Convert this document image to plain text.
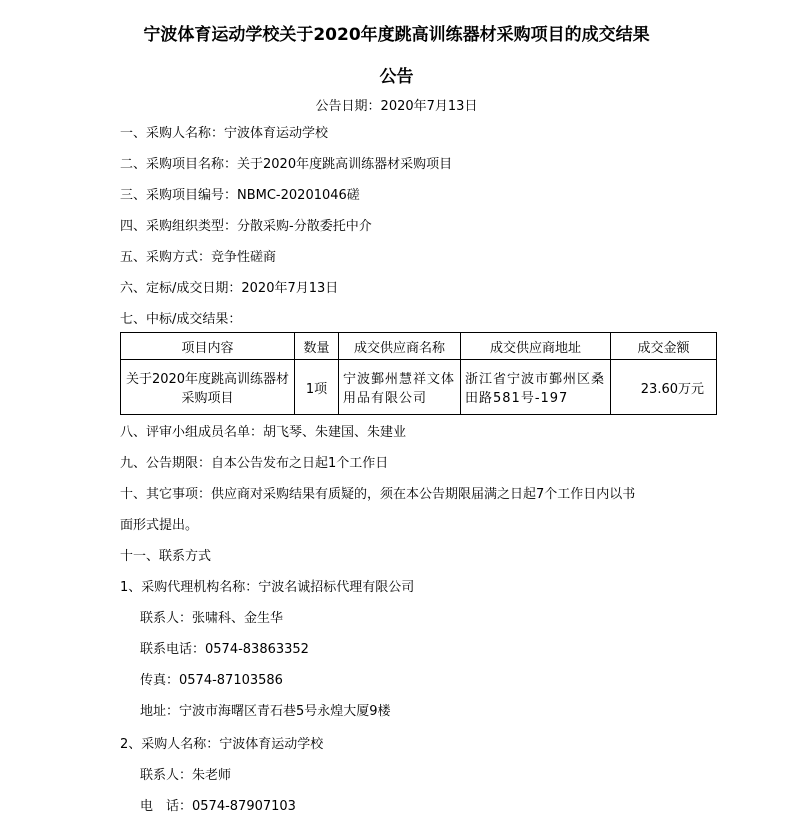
宁波体育运动学校关于2020年度跳高训练器材采购项目的成交结果
公告
公告日期：2020年7月13日
一、采购人名称：宁波体育运动学校
二、采购项目名称：关于2020年度跳高训练器材采购项目
三、采购项目编号：NBMC-20201046磋
四、采购组织类型：分散采购-分散委托中介
五、采购方式：竞争性磋商
六、定标/成交日期：2020年7月13日
七、中标/成交结果：
项目内容	数量	成交供应商名称	成交供应商地址	成交金额
关于2020年度跳高训练器材采购项目	1项	宁波鄞州慧祥文体用品有限公司	浙江省宁波市鄞州区桑田路581号-197	23.60万元
八、评审小组成员名单：胡飞琴、朱建国、朱建业
九、公告期限：自本公告发布之日起1个工作日
十、其它事项：供应商对采购结果有质疑的，须在本公告期限届满之日起7个工作日内以书
面形式提出。
十一、联系方式
1、采购代理机构名称：宁波名诚招标代理有限公司
联系人：张啸科、金生华
联系电话：0574-83863352
传真：0574-87103586
地址：宁波市海曙区青石巷5号永煌大厦9楼
2、采购人名称：宁波体育运动学校
联系人：朱老师
电　话：0574-87907103
